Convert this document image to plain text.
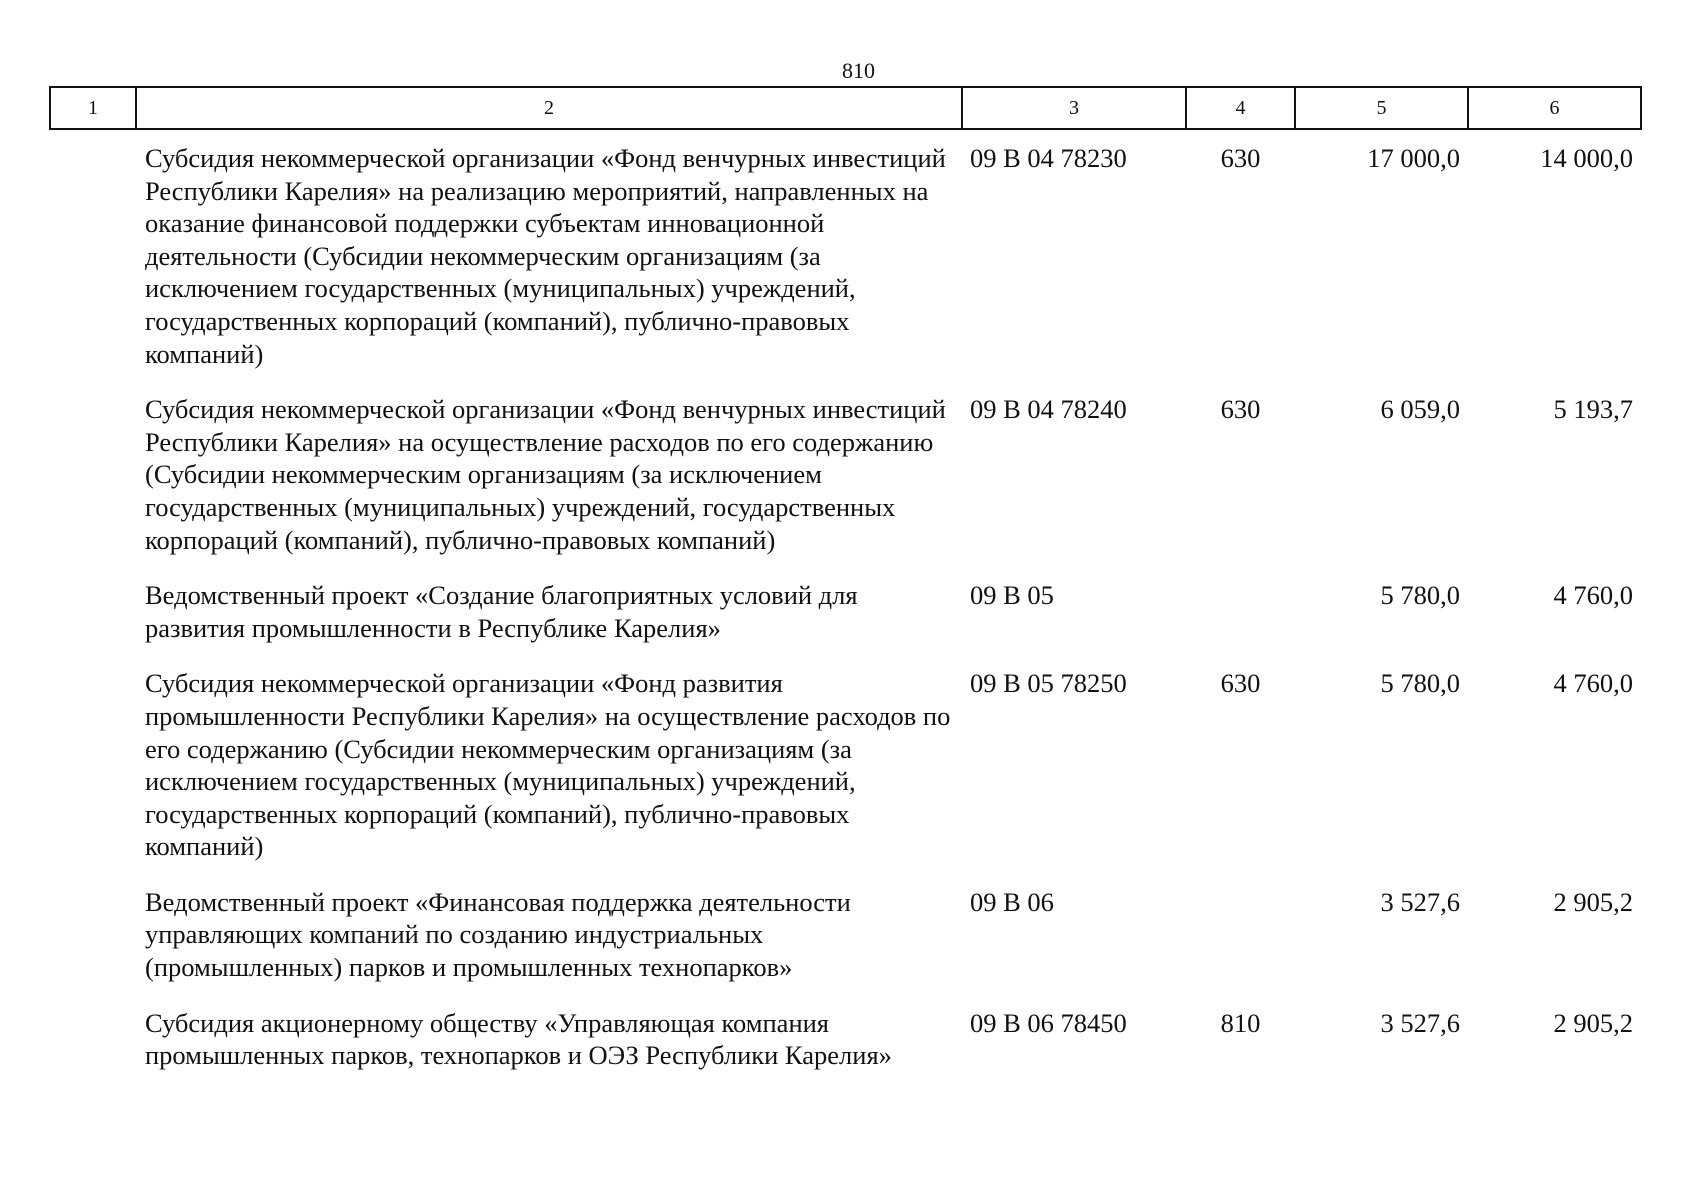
810
1	2	3	4	5	6
	Субсидия некоммерческой организации «Фонд венчурных инвестиций Республики Карелия» на реализацию мероприятий, направленных на оказание финансовой поддержки субъектам инновационной деятельности (Субсидии некоммерческим организациям (за исключением государственных (муниципальных) учреждений, государственных корпораций (компаний), публично-правовых компаний)	09 В 04 78230	630	17 000,0	14 000,0
	Субсидия некоммерческой организации «Фонд венчурных инвестиций Республики Карелия» на осуществление расходов по его содержанию (Субсидии некоммерческим организациям (за исключением государственных (муниципальных) учреждений, государственных корпораций (компаний), публично-правовых компаний)	09 В 04 78240	630	6 059,0	5 193,7
	Ведомственный проект «Создание благоприятных условий для развития промышленности в Республике Карелия»	09 В 05		5 780,0	4 760,0
	Субсидия некоммерческой организации «Фонд развития промышленности Республики Карелия» на осуществление расходов по его содержанию (Субсидии некоммерческим организациям (за исключением государственных (муниципальных) учреждений, государственных корпораций (компаний), публично-правовых компаний)	09 В 05 78250	630	5 780,0	4 760,0
	Ведомственный проект «Финансовая поддержка деятельности управляющих компаний по созданию индустриальных (промышленных) парков и промышленных технопарков»	09 В 06		3 527,6	2 905,2
	Субсидия акционерному обществу «Управляющая компания промышленных парков, технопарков и ОЭЗ Республики Карелия»	09 В 06 78450	810	3 527,6	2 905,2
